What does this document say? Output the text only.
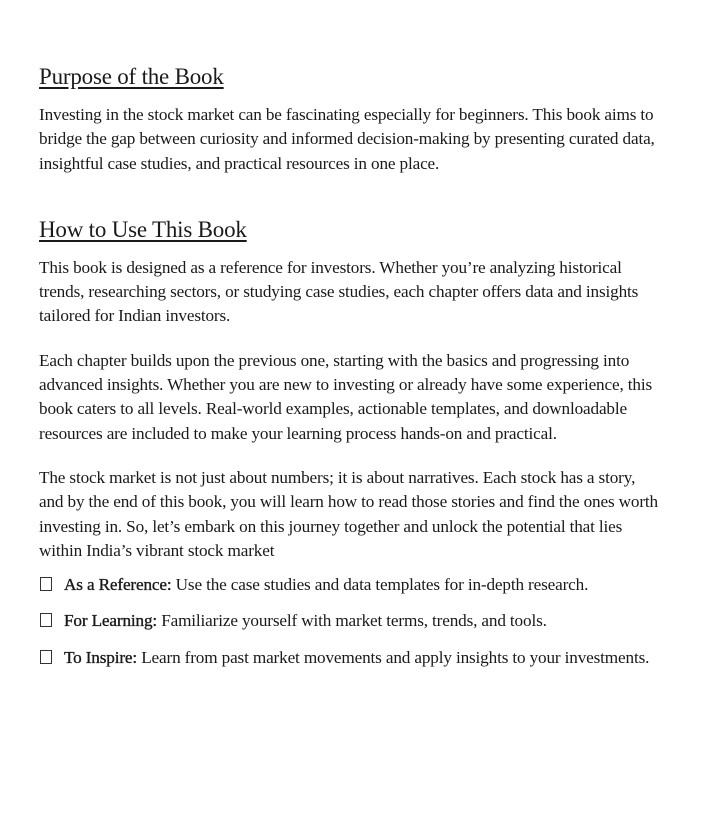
Purpose of the Book

Investing in the stock market can be fascinating especially for beginners. This book aims to bridge the gap between curiosity and informed decision-making by presenting curated data, insightful case studies, and practical resources in one place.

How to Use This Book

This book is designed as a reference for investors. Whether you’re analyzing historical trends, researching sectors, or studying case studies, each chapter offers data and insights tailored for Indian investors.

Each chapter builds upon the previous one, starting with the basics and progressing into advanced insights. Whether you are new to investing or already have some experience, this book caters to all levels. Real-world examples, actionable templates, and downloadable resources are included to make your learning process hands-on and practical.

The stock market is not just about numbers; it is about narratives. Each stock has a story, and by the end of this book, you will learn how to read those stories and find the ones worth investing in. So, let’s embark on this journey together and unlock the potential that lies within India’s vibrant stock market

As a Reference: Use the case studies and data templates for in-depth research.
For Learning: Familiarize yourself with market terms, trends, and tools.
To Inspire: Learn from past market movements and apply insights to your investments.
